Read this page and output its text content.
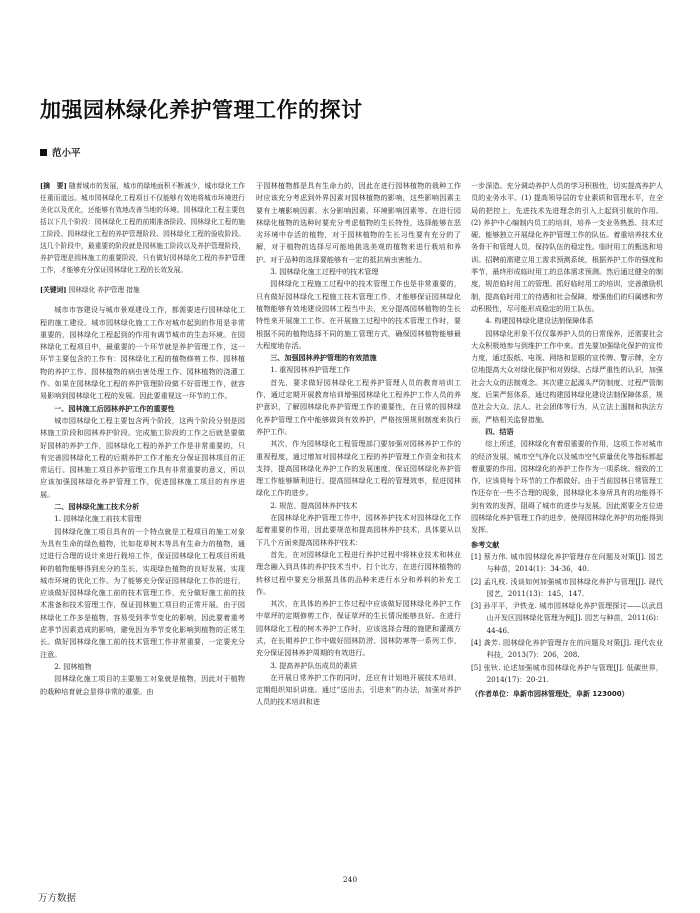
加强园林绿化养护管理工作的探讨
范小平

[摘　要] 随着城市的发展，城市的绿地面积不断减少，城市绿化工作任重而道远。城市园林绿化工程项目不仅能够有效地将城市环境进行美化以及优化，还能够有效地改善当地的环境。园林绿化工程主要包括以下几个阶段：园林绿化工程的前期准备阶段、园林绿化工程的施工阶段、园林绿化工程的养护管理阶段、园林绿化工程的验收阶段。这几个阶段中，最重要的阶段就是园林施工阶段以及养护管理阶段，养护管理是园林施工的重要阶段，只有做好园林绿化工程的养护管理工作，才能够充分保证园林绿化工程的长效发展。

[关键词] 园林绿化 养护管理 措施

城市市容建设与城市景观建设工作，都需要进行园林绿化工程的施工建设。城市园林绿化施工工作对城市起到的作用是非常重要的，园林绿化工程起到的作用有调节城市的生态环境。在园林绿化工程项目中，最重要的一个环节就是养护管理工作，这一环节主要包含的工作有：园林绿化工程的植物修剪工作、园林植物的养护工作、园林植物的病虫害处理工作、园林植物的浇灌工作。如果在园林绿化工程的养护管理阶段做不好管理工作，就容易影响到园林绿化工程的发展。因此要重视这一环节的工作。

一、园林施工后园林养护工作的重要性

城市园林绿化工程主要包含两个阶段，这两个阶段分别是园林施工阶段和园林养护阶段。完成施工阶段的工作之后就是要做好园林的养护工作，园林绿化工程的养护工作是非常重要的，只有完善园林绿化工程的后期养护工作才能充分保证园林项目的正常运行。园林施工项目养护管理工作具有非常重要的意义，所以应该加强园林绿化养护管理工作，促进园林施工项目的有序进展。

二、园林绿化施工技术分析

1. 园林绿化施工前技术管理

园林绿化施工项目具有的一个特点就是工程项目的施工对象为具有生命的绿色植物，比如花草树木等具有生命力的植物，通过进行合理的设计来进行栽培工作，保证园林绿化工程项目所栽种的植物能够得到充分的生长，实现绿色植物的良好发展，实现城市环境的优化工作。为了能够充分保证园林绿化工作的进行，应该做好园林绿化施工前的技术管理工作，充分做好施工前的技术准备和技术管理工作，保证园林施工项目的正常开展。由于园林绿化工作多是植物，容易受到季节变化的影响，因此要着重考虑季节因素造成的影响，避免因为季节变化影响到植物的正常生长。做好园林绿化施工前的技术管理工作非常重要，一定要充分注意。

2. 园林植物

园林绿化施工项目的主要施工对象就是植物，因此对于植物的栽种培育就会显得非常的重要。由

于园林植物都是具有生命力的，因此在进行园林植物的栽种工作时应该充分考虑到外界因素对园林植物的影响，这些影响因素主要有土壤影响因素、水分影响因素、环境影响因素等。在进行园林绿化植物的选种时要充分考虑植物的生长特性，选择能够在恶劣环境中存活的植物，对于园林植物的生长习性要有充分的了解，对于植物的选择尽可能地挑选美观的植物来进行栽培和养护。对于品种的选择要能够有一定的抵抗病虫害能力。

3. 园林绿化施工过程中的技术管理

园林绿化工程施工过程中的技术管理工作也是非常重要的，只有做好园林绿化工程施工技术管理工作，才能够保证园林绿化植物能够有效地建设园林工程当中去，充分提高园林植物的生长特性来开展施工工作。在开展施工过程中的技术管理工作时，要根据不同的植物选择不同的施工管理方式，确保园林植物能够最大程度地存活。

三、加强园林养护管理的有效措施

1. 重视园林养护管理工作

首先，要求做好园林绿化工程养护管理人员的教育培训工作，通过定期开展教育培训增强园林绿化工程养护工作人员的养护意识，了解园林绿化养护管理工作的重要性，在日常的园林绿化养护管理工作中能够做到有效养护，严格按照规则制度来执行养护工作。

其次，作为园林绿化工程管理部门要加强对园林养护工作的重视程度，通过增加对园林绿化工程的养护管理工作资金和技术支持，提高园林绿化养护工作的发展速度，保证园林绿化养护管理工作能够顺利进行，提高园林绿化工程的管理效率，促进园林绿化工作的进步。

2. 规范、提高园林养护技术

在园林绿化养护管理工作中，园林养护技术对园林绿化工作起着重要的作用，因此要规范和提高园林养护技术，具体要从以下几个方面来提高园林养护技术：

首先，在对园林绿化工程进行养护过程中将林业技术和林业理念融入到具体的养护技术当中。打个比方，在进行园林植物的转移过程中要充分根据具体的品种来进行水分和养料的补充工作。

其次，在具体的养护工作过程中应该做好园林绿化养护工作中草坪的定期修剪工作，保证草坪的生长情况能够良好。在进行园林绿化工程的树木养护工作时，应该选择合理的施肥和灌溉方式，在长期养护工作中做好园林防涝、园林防寒等一系列工作，充分保证园林养护周期的有效进行。

3. 提高养护队伍成员的素质

在开展日常养护工作的同时，还应有计划地开展技术培训，定期组织知识讲座。通过“送出去，引进来”的办法，加强对养护人员的技术培训和进

一步深造。充分调动养护人员的学习积极性，切实提高养护人员的业务水平。(1) 提高领导层的专业素质和管理水平，在全局的把控上，先进技术先进理念的引入上起到引航的作用。(2) 养护中心编制内员工的培训，培养一支业务熟悉、技术过硬、能够独立开展绿化养护管理工作的队伍。着重培养技术业务骨干和管理人员，保持队伍的稳定性。临时用工的甄选和培训。招聘前需建立用工需求预测系统，根据养护工作的强度和季节，最终形成临时用工的总体需求预测。然后通过健全的制度，规范临时用工的管理。抓好临时用工的培训，完善激励机制，提高临时用工的待遇和社会保障，增强他们的归属感和劳动积极性，尽可能形成稳定的用工队伍。

4. 构建园林绿化建设法制保障体系

园林绿化形象不仅仅靠养护人员的日常保养，还需要社会大众积极地参与到维护工作中来。首先要加强绿化保护的宣传力度，通过报纸、电视、网络和显眼的宣传牌、警示牌，全方位地提高大众对绿化保护和对毁绿、占绿严重性的认识，加强社会大众的法制观念。其次建立起源头严防制度、过程严管制度、后果严惩体系，通过构建园林绿化建设法制保障体系，规范社会大众、法人、社会团体等行为，从立法上遏制和执法方面，严格相关监督措施。

四、结语

综上所述，园林绿化有着很重要的作用，这项工作对城市的经济发展、城市空气净化以及城市空气质量优化等指标都起着重要的作用。园林绿化的养护工作作为一项系统、细致的工作，应该将每个环节的工作都做好。由于当前园林日常管理工作还存在一些不合理的现象，园林绿化本身所具有的功能得不到有效的发挥，阻碍了城市的进步与发展。因此需要全方位进园林绿化养护管理工作的进步，使得园林绿化养护的功能得到发挥。

参考文献
[1] 蔡力伟. 城市园林绿化养护管理存在问题及对策[J]. 园艺与种苗，2014(1)：34-36，40.
[2] 孟凡枝. 浅谈如何加强城市园林绿化养护与管理[J]. 现代园艺，2011(13)：145，147.
[3] 孙平平，尹铁龙. 城市园林绿化养护管理探讨——以武昌山开发区园林绿化管理为例[J]. 园艺与种苗，2011(6)：44-46.
[4] 龚芳. 园林绿化养护管理存在的问题及对策[J]. 现代农业科技，2013(7)：206，208.
[5] 张钬. 论述加强城市园林绿化养护与管理[J]. 低碳世界，2014(17)：20-21.
（作者单位：阜新市园林管理处，阜新 123000）
240
万方数据
